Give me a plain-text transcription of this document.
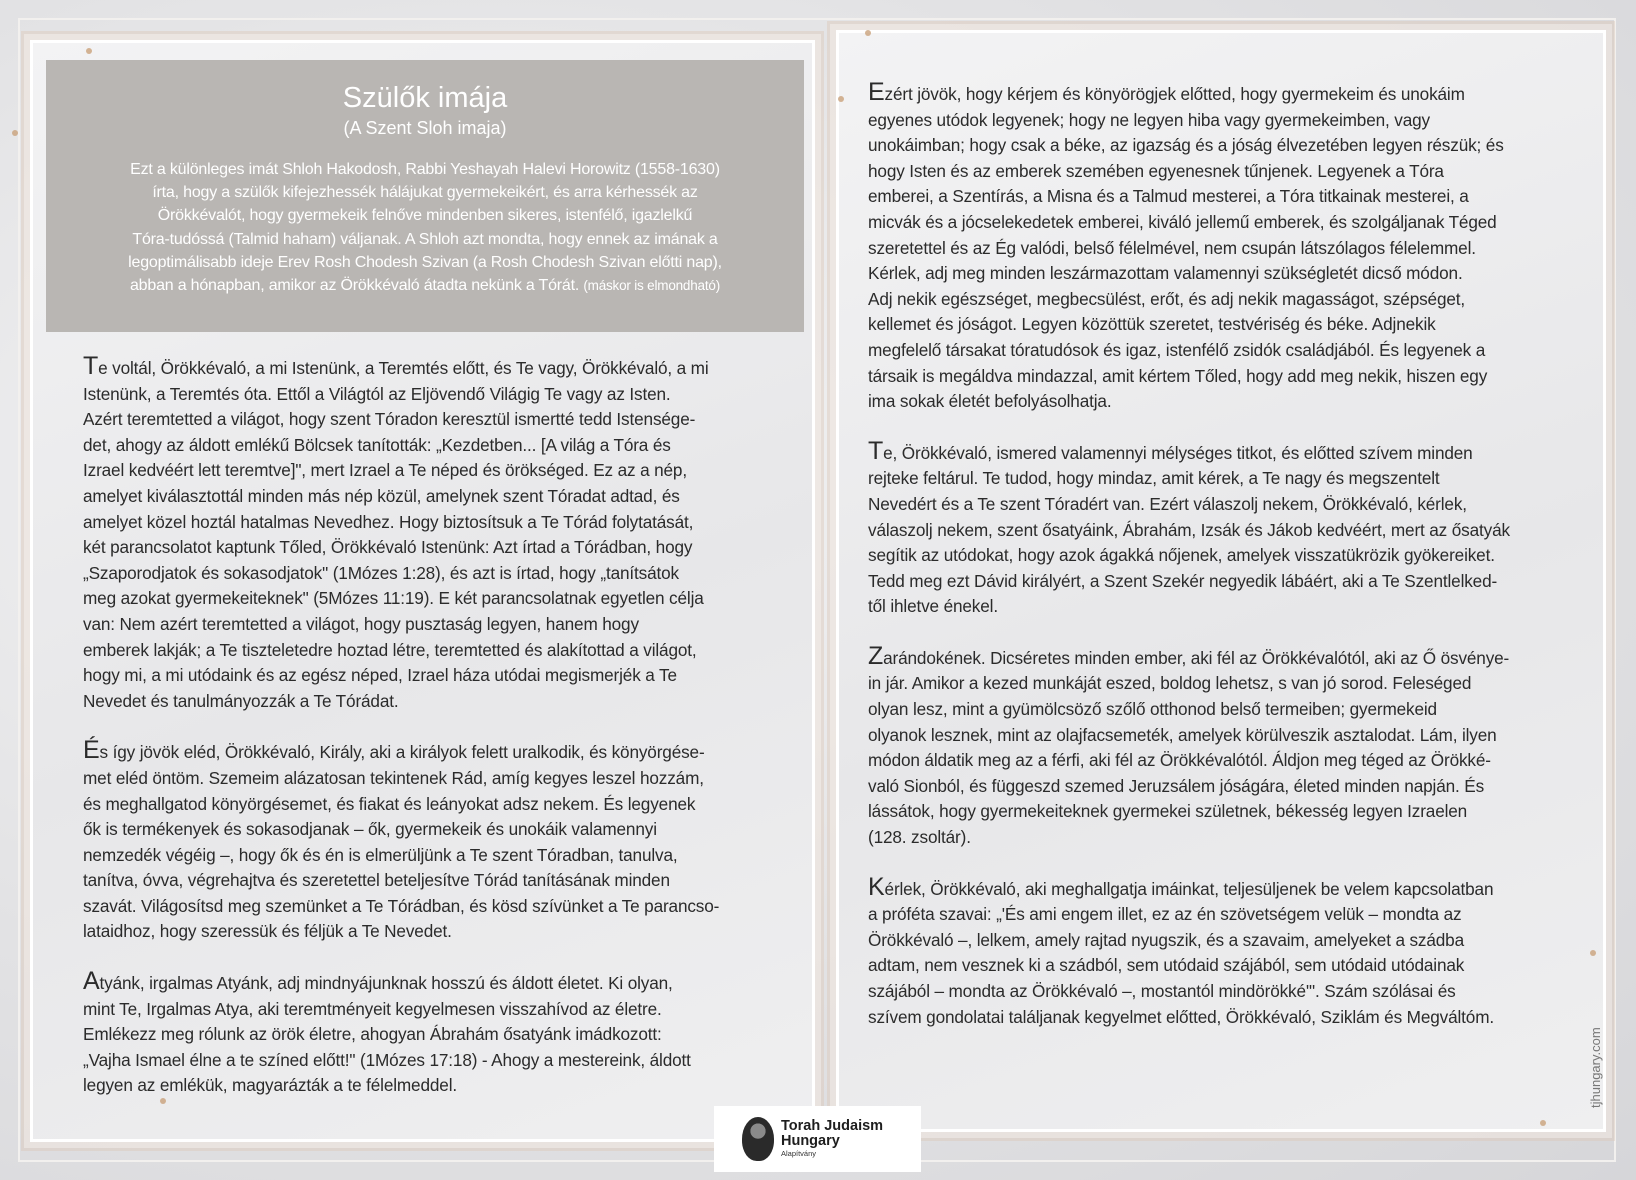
Szülők imája
(A Szent Sloh imaja)

Ezt a különleges imát Shloh Hakodosh, Rabbi Yeshayah Halevi Horowitz (1558-1630)
írta, hogy a szülők kifejezhessék hálájukat gyermekeikért, és arra kérhessék az
Örökkévalót, hogy gyermekeik felnőve mindenben sikeres, istenfélő, igazlelkű
Tóra-tudóssá (Talmid haham) váljanak. A Shloh azt mondta, hogy ennek az imának a
legoptimálisabb ideje Erev Rosh Chodesh Szivan (a Rosh Chodesh Szivan előtti nap),
abban a hónapban, amikor az Örökkévaló átadta nekünk a Tórát. (máskor is elmondható)

Te voltál, Örökkévaló, a mi Istenünk, a Teremtés előtt, és Te vagy, Örökkévaló, a mi
Istenünk, a Teremtés óta. Ettől a Világtól az Eljövendő Világig Te vagy az Isten.
Azért teremtetted a világot, hogy szent Tóradon keresztül ismertté tedd Istensége-
det, ahogy az áldott emlékű Bölcsek tanították: „Kezdetben... [A világ a Tóra és
Izrael kedvéért lett teremtve]", mert Izrael a Te néped és örökséged. Ez az a nép,
amelyet kiválasztottál minden más nép közül, amelynek szent Tóradat adtad, és
amelyet közel hoztál hatalmas Nevedhez. Hogy biztosítsuk a Te Tórád folytatását,
két parancsolatot kaptunk Tőled, Örökkévaló Istenünk: Azt írtad a Tórádban, hogy
„Szaporodjatok és sokasodjatok" (1Mózes 1:28), és azt is írtad, hogy „tanítsátok
meg azokat gyermekeiteknek" (5Mózes 11:19). E két parancsolatnak egyetlen célja
van: Nem azért teremtetted a világot, hogy pusztaság legyen, hanem hogy
emberek lakják; a Te tiszteletedre hoztad létre, teremtetted és alakítottad a világot,
hogy mi, a mi utódaink és az egész néped, Izrael háza utódai megismerjék a Te
Nevedet és tanulmányozzák a Te Tórádat.

És így jövök eléd, Örökkévaló, Király, aki a királyok felett uralkodik, és könyörgése-
met eléd öntöm. Szemeim alázatosan tekintenek Rád, amíg kegyes leszel hozzám,
és meghallgatod könyörgésemet, és fiakat és leányokat adsz nekem. És legyenek
ők is termékenyek és sokasodjanak – ők, gyermekeik és unokáik valamennyi
nemzedék végéig –, hogy ők és én is elmerüljünk a Te szent Tóradban, tanulva,
tanítva, óvva, végrehajtva és szeretettel beteljesítve Tórád tanításának minden
szavát. Világosítsd meg szemünket a Te Tórádban, és kösd szívünket a Te parancso-
lataidhoz, hogy szeressük és féljük a Te Nevedet.

Atyánk, irgalmas Atyánk, adj mindnyájunknak hosszú és áldott életet. Ki olyan,
mint Te, Irgalmas Atya, aki teremtményeit kegyelmesen visszahívod az életre.
Emlékezz meg rólunk az örök életre, ahogyan Ábrahám ősatyánk imádkozott:
„Vajha Ismael élne a te színed előtt!" (1Mózes 17:18) - Ahogy a mestereink, áldott
legyen az emlékük, magyarázták a te félelmeddel.

Ezért jövök, hogy kérjem és könyörögjek előtted, hogy gyermekeim és unokáim
egyenes utódok legyenek; hogy ne legyen hiba vagy gyermekeimben, vagy
unokáimban; hogy csak a béke, az igazság és a jóság élvezetében legyen részük; és
hogy Isten és az emberek szemében egyenesnek tűnjenek. Legyenek a Tóra
emberei, a Szentírás, a Misna és a Talmud mesterei, a Tóra titkainak mesterei, a
micvák és a jócselekedetek emberei, kiváló jellemű emberek, és szolgáljanak Téged
szeretettel és az Ég valódi, belső félelmével, nem csupán látszólagos félelemmel.
Kérlek, adj meg minden leszármazottam valamennyi szükségletét dicső módon.
Adj nekik egészséget, megbecsülést, erőt, és adj nekik magasságot, szépséget,
kellemet és jóságot. Legyen közöttük szeretet, testvériség és béke. Adjnekik
megfelelő társakat tóratudósok és igaz, istenfélő zsidók családjából. És legyenek a
társaik is megáldva mindazzal, amit kértem Tőled, hogy add meg nekik, hiszen egy
ima sokak életét befolyásolhatja.

Te, Örökkévaló, ismered valamennyi mélységes titkot, és előtted szívem minden
rejteke feltárul. Te tudod, hogy mindaz, amit kérek, a Te nagy és megszentelt
Nevedért és a Te szent Tóradért van. Ezért válaszolj nekem, Örökkévaló, kérlek,
válaszolj nekem, szent ősatyáink, Ábrahám, Izsák és Jákob kedvéért, mert az ősatyák
segítik az utódokat, hogy azok ágakká nőjenek, amelyek visszatükrözik gyökereiket.
Tedd meg ezt Dávid királyért, a Szent Szekér negyedik lábáért, aki a Te Szentlelked-
től ihletve énekel.

Zarándokének. Dicséretes minden ember, aki fél az Örökkévalótól, aki az Ő ösvénye-
in jár. Amikor a kezed munkáját eszed, boldog lehetsz, s van jó sorod. Feleséged
olyan lesz, mint a gyümölcsöző szőlő otthonod belső termeiben; gyermekeid
olyanok lesznek, mint az olajfacsemeték, amelyek körülveszik asztalodat. Lám, ilyen
módon áldatik meg az a férfi, aki fél az Örökkévalótól. Áldjon meg téged az Örökké-
való Sionból, és függeszd szemed Jeruzsálem jóságára, életed minden napján. És
lássátok, hogy gyermekeiteknek gyermekei születnek, békesség legyen Izraelen
(128. zsoltár).

Kérlek, Örökkévaló, aki meghallgatja imáinkat, teljesüljenek be velem kapcsolatban
a próféta szavai: „'És ami engem illet, ez az én szövetségem velük – mondta az
Örökkévaló –, lelkem, amely rajtad nyugszik, és a szavaim, amelyeket a szádba
adtam, nem vesznek ki a szádból, sem utódaid szájából, sem utódaid utódainak
szájából – mondta az Örökkévaló –, mostantól mindörökké'". Szám szólásai és
szívem gondolatai találjanak kegyelmet előtted, Örökkévaló, Sziklám és Megváltóm.

Torah Judaism
Hungary
Alapítvány
tjhungary.com
